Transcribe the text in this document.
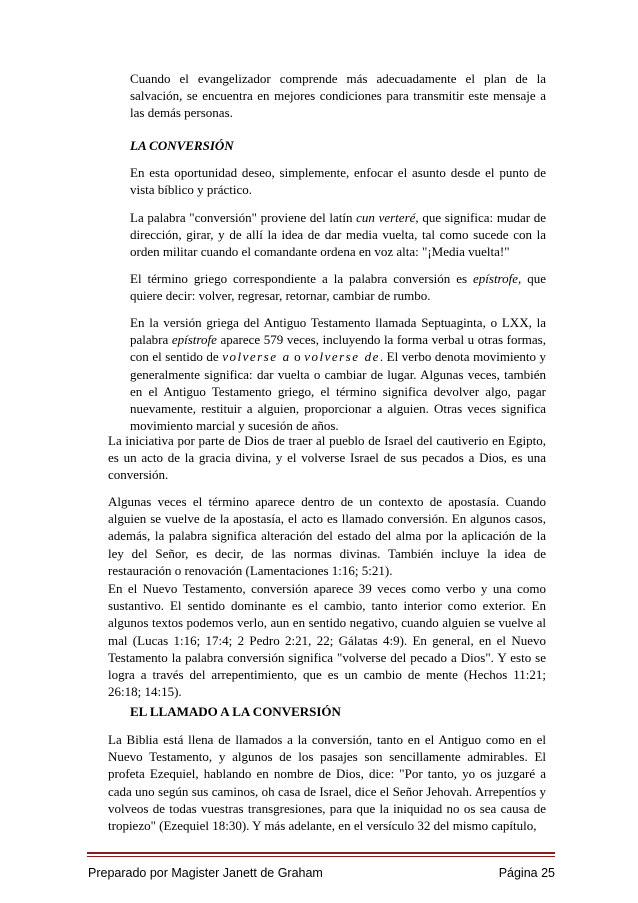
Cuando el evangelizador comprende más adecuadamente el plan de la salvación, se encuentra en mejores condiciones para transmitir este mensaje a las demás personas.

LA CONVERSIÓN

En esta oportunidad deseo, simplemente, enfocar el asunto desde el punto de vista bíblico y práctico.

La palabra "conversión" proviene del latín cun verteré, que significa: mudar de dirección, girar, y de allí la idea de dar media vuelta, tal como sucede con la orden militar cuando el comandante ordena en voz alta: "¡Media vuelta!"

El término griego correspondiente a la palabra conversión es epístrofe, que quiere decir: volver, regresar, retornar, cambiar de rumbo.

En la versión griega del Antiguo Testamento llamada Septuaginta, o LXX, la palabra epístrofe aparece 579 veces, incluyendo la forma verbal u otras formas, con el sentido de volverse a o volverse de. El verbo denota movimiento y generalmente significa: dar vuelta o cambiar de lugar. Algunas veces, también en el Antiguo Testamento griego, el término significa devolver algo, pagar nuevamente, restituir a alguien, proporcionar a alguien. Otras veces significa movimiento marcial y sucesión de años.

La iniciativa por parte de Dios de traer al pueblo de Israel del cautiverio en Egipto, es un acto de la gracia divina, y el volverse Israel de sus pecados a Dios, es una conversión.

Algunas veces el término aparece dentro de un contexto de apostasía. Cuando alguien se vuelve de la apostasía, el acto es llamado conversión. En algunos casos, además, la palabra significa alteración del estado del alma por la aplicación de la ley del Señor, es decir, de las normas divinas. También incluye la idea de restauración o renovación (Lamentaciones 1:16; 5:21).

En el Nuevo Testamento, conversión aparece 39 veces como verbo y una como sustantivo. El sentido dominante es el cambio, tanto interior como exterior. En algunos textos podemos verlo, aun en sentido negativo, cuando alguien se vuelve al mal (Lucas 1:16; 17:4; 2 Pedro 2:21, 22; Gálatas 4:9). En general, en el Nuevo Testamento la palabra conversión significa "volverse del pecado a Dios". Y esto se logra a través del arrepentimiento, que es un cambio de mente (Hechos 11:21; 26:18; 14:15).

EL LLAMADO A LA CONVERSIÓN

La Biblia está llena de llamados a la conversión, tanto en el Antiguo como en el Nuevo Testamento, y algunos de los pasajes son sencillamente admirables. El profeta Ezequiel, hablando en nombre de Dios, dice: "Por tanto, yo os juzgaré a cada uno según sus caminos, oh casa de Israel, dice el Señor Jehovah. Arrepentíos y volveos de todas vuestras transgresiones, para que la iniquidad no os sea causa de tropiezo" (Ezequiel 18:30). Y más adelante, en el versículo 32 del mismo capítulo,

Preparado por Magister Janett de Graham	Página 25
